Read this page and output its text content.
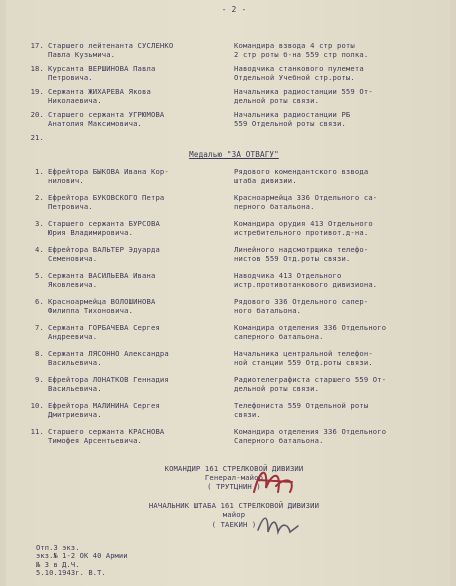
- 2 -
17. Старшего лейтенанта СУСЛЕНКО
Павла Кузьмича.
Командира взвода 4 стр роты
2 стр роты б-на 559 стр полка.
18. Курсанта ВЕРШИНОВА Павла
Петровича.
Наводчика станкового пулемета
Отдельной Учебной стр.роты.
19. Сержанта ЖИХАРЕВА Якова
Николаевича.
Начальника радиостанции 559 От-
дельной роты связи.
20. Старшего сержанта УГРЮМОВА
Анатолия Максимовича.
Начальника радиостанции РБ
559 Отдельной роты связи.
21.
Медалью "ЗА ОТВАГУ"
1. Ефрейтора БЫКОВА Ивана Кор-
нилович.
Рядового комендантского взвода
штаба дивизии.
2. Ефрейтора БУКОВСКОГО Петра
Петровича.
Красноармейца 336 Отдельного са-
перного батальона.
3. Старшего сержанта БУРСОВА
Юрия Владимировича.
Командира орудия 413 Отдельного
истребительного противот.д-на.
4. Ефрейтора ВАЛЬТЕР Эдуарда
Семеновича.
Линейного надсмотрщика телефо-
нистов 559 Отд.роты связи.
5. Сержанта ВАСИЛЬЕВА Ивана
Яковлевича.
Наводчика 413 Отдельного
истр.противотанкового дивизиона.
6. Красноармейца ВОЛОШИНОВА
Филиппа Тихоновича.
Рядового 336 Отдельного сапер-
ного батальона.
7. Сержанта ГОРБАЧЕВА Сергея
Андреевича.
Командира отделения 336 Отдельного
саперного батальона.
8. Сержанта ЛЯСОННО Александра
Васильевича.
Начальника центральной телефон-
ной станции 559 Отд.роты связи.
9. Ефрейтора ЛОНАТКОВ Геннадия
Васильевича.
Радиотелеграфиста старшего 559 От-
дельной роты связи.
10. Ефрейтора МАЛИНИНА Сергея
Дмитриевича.
Телефониста 559 Отдельной роты
связи.
11. Старшего сержанта КРАСНОВА
Тимофея Арсентьевича.
Командира отделения 336 Отдельного
Саперного батальона.
КОМАНДИР 161 СТРЕЛКОВОЙ ДИВИЗИИ
Генерал-майор
( ТРУТЦНИН )
НАЧАЛЬНИК ШТАБА 161 СТРЕЛКОВОЙ ДИВИЗИИ
майор
( ТАЕКИН )
Отп.3 экз.
экз.№ 1-2 ОК 40 Армии
№ 3 в Д.Ч.
5.10.1943г. В.Т.
